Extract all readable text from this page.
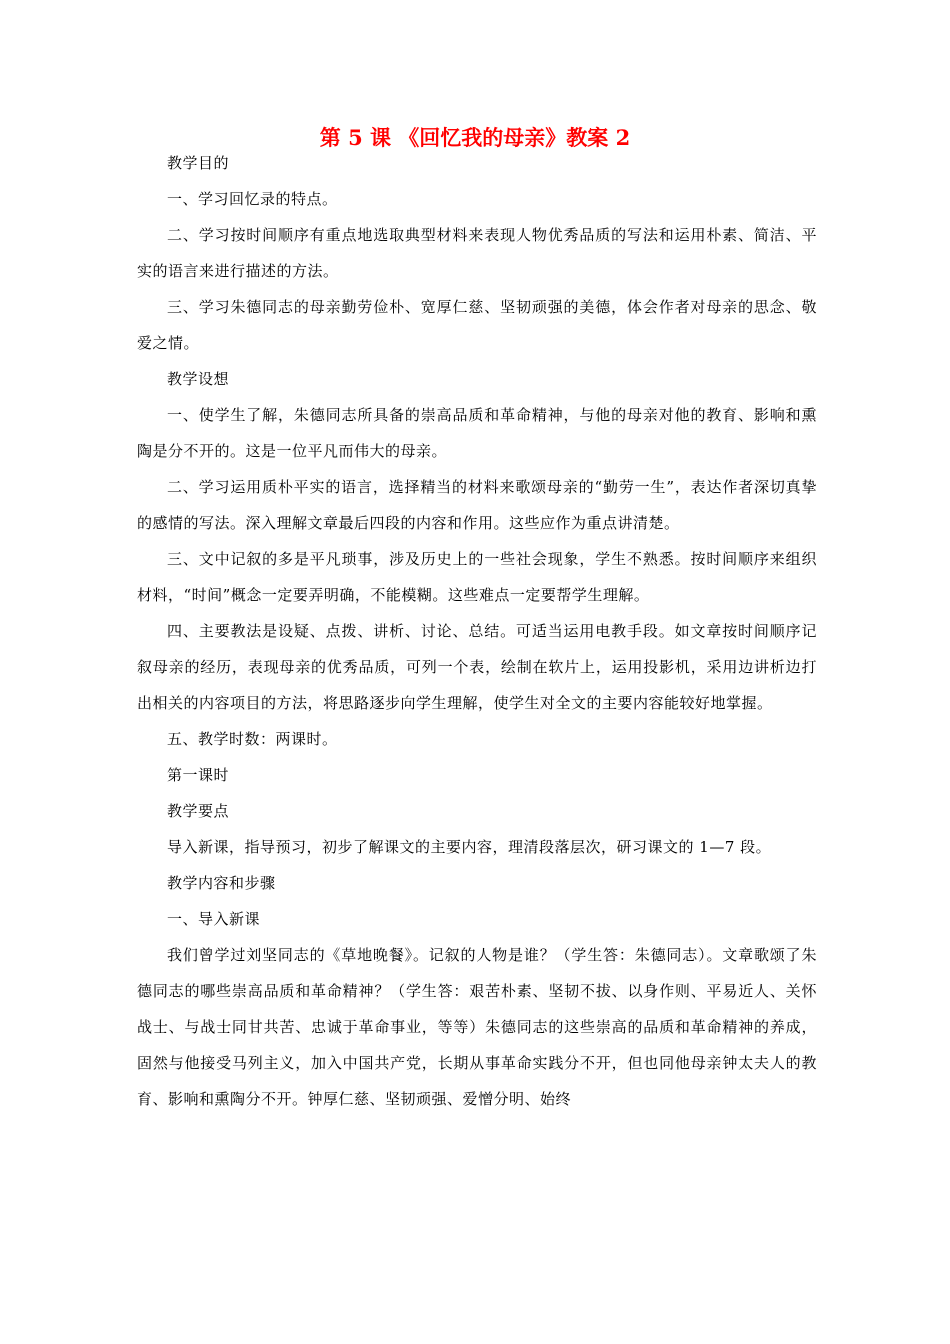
第 5 课 《回忆我的母亲》教案 2

教学目的

一、学习回忆录的特点。

二、学习按时间顺序有重点地选取典型材料来表现人物优秀品质的写法和运用朴素、简洁、平实的语言来进行描述的方法。

三、学习朱德同志的母亲勤劳俭朴、宽厚仁慈、坚韧顽强的美德，体会作者对母亲的思念、敬爱之情。

教学设想

一、使学生了解，朱德同志所具备的崇高品质和革命精神，与他的母亲对他的教育、影响和熏陶是分不开的。这是一位平凡而伟大的母亲。

二、学习运用质朴平实的语言，选择精当的材料来歌颂母亲的“勤劳一生”，表达作者深切真挚的感情的写法。深入理解文章最后四段的内容和作用。这些应作为重点讲清楚。

三、文中记叙的多是平凡琐事，涉及历史上的一些社会现象，学生不熟悉。按时间顺序来组织材料，“时间”概念一定要弄明确，不能模糊。这些难点一定要帮学生理解。

四、主要教法是设疑、点拨、讲析、讨论、总结。可适当运用电教手段。如文章按时间顺序记叙母亲的经历，表现母亲的优秀品质，可列一个表，绘制在软片上，运用投影机，采用边讲析边打出相关的内容项目的方法，将思路逐步向学生理解，使学生对全文的主要内容能较好地掌握。

五、教学时数：两课时。

第一课时

教学要点

导入新课，指导预习，初步了解课文的主要内容，理清段落层次，研习课文的 1—7 段。

教学内容和步骤

一、导入新课

我们曾学过刘坚同志的《草地晚餐》。记叙的人物是谁？（学生答：朱德同志）。文章歌颂了朱德同志的哪些崇高品质和革命精神？（学生答：艰苦朴素、坚韧不拔、以身作则、平易近人、关怀战士、与战士同甘共苦、忠诚于革命事业，等等）朱德同志的这些崇高的品质和革命精神的养成，固然与他接受马列主义，加入中国共产党，长期从事革命实践分不开，但也同他母亲钟太夫人的教育、影响和熏陶分不开。钟厚仁慈、坚韧顽强、爱憎分明、始终
